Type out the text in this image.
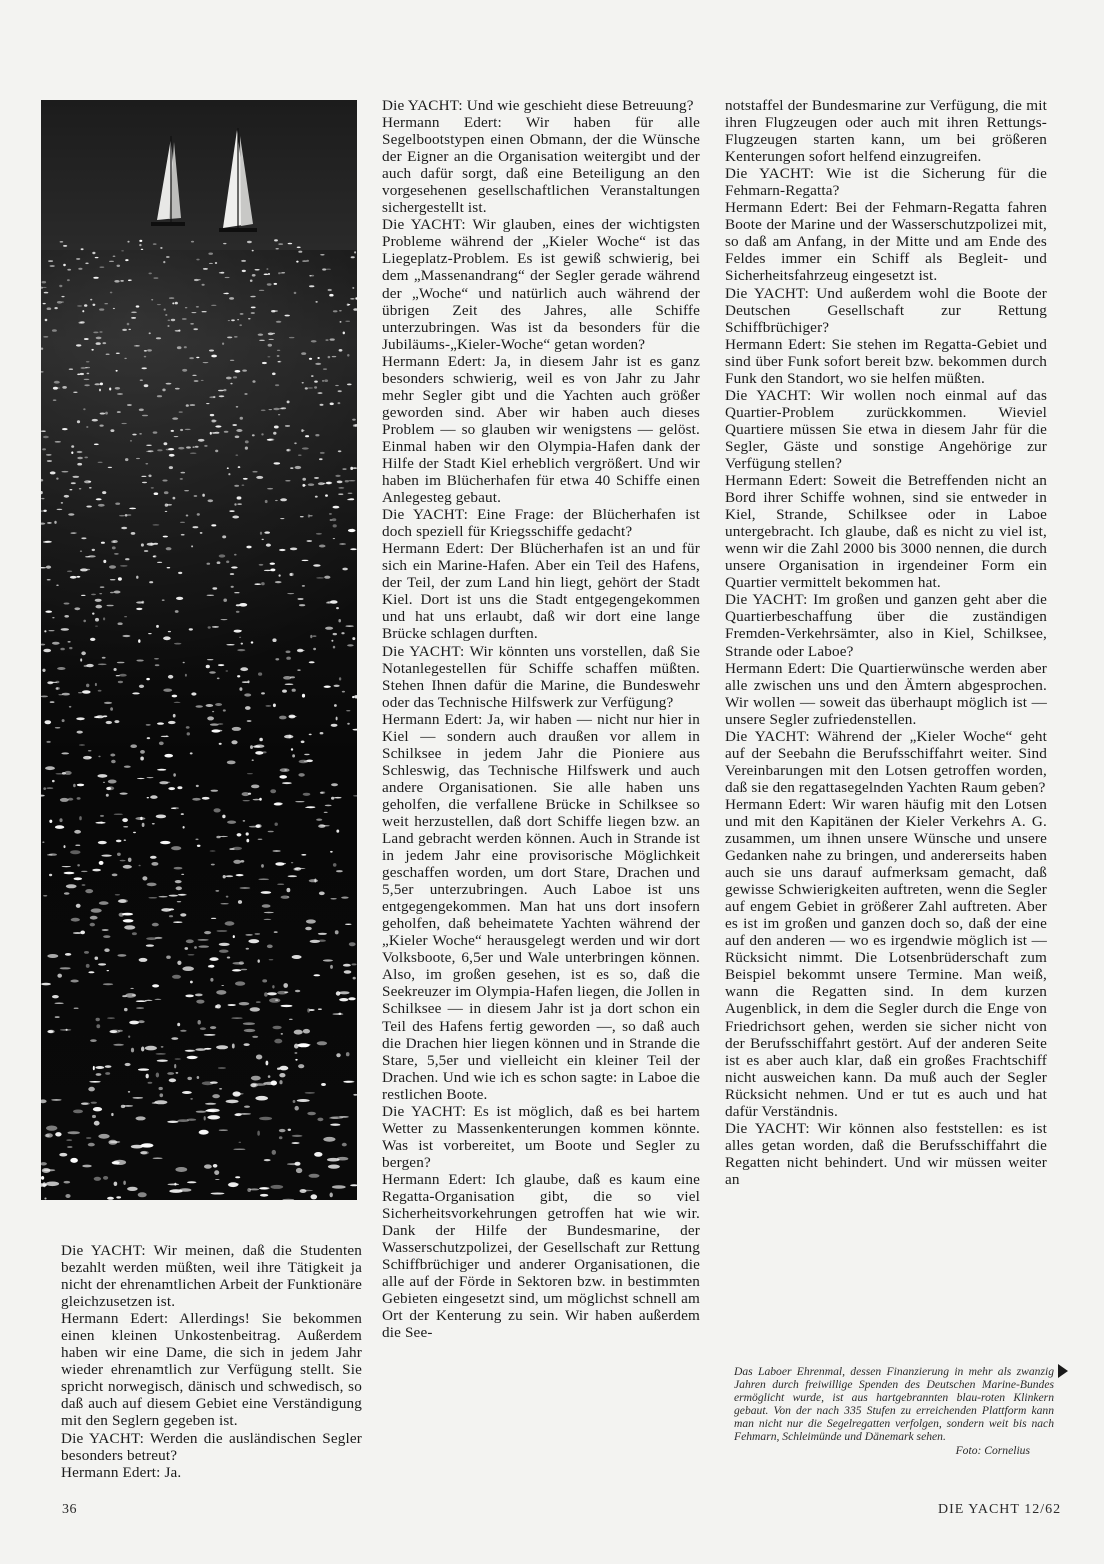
Die YACHT: Wir meinen, daß die Studenten bezahlt werden müßten, weil ihre Tätigkeit ja nicht der ehrenamtlichen Arbeit der Funktionäre gleichzusetzen ist.

Hermann Edert: Allerdings! Sie bekommen einen kleinen Unkostenbeitrag. Außerdem haben wir eine Dame, die sich in jedem Jahr wieder ehrenamtlich zur Verfügung stellt. Sie spricht norwegisch, dänisch und schwedisch, so daß auch auf diesem Gebiet eine Verständigung mit den Seglern gegeben ist.

Die YACHT: Werden die ausländischen Segler besonders betreut?

Hermann Edert: Ja.

Die YACHT: Und wie geschieht diese Betreuung?

Hermann Edert: Wir haben für alle Segelbootstypen einen Obmann, der die Wünsche der Eigner an die Organisation weitergibt und der auch dafür sorgt, daß eine Beteiligung an den vorgesehenen gesellschaftlichen Veranstaltungen sichergestellt ist.

Die YACHT: Wir glauben, eines der wichtigsten Probleme während der „Kieler Woche“ ist das Liegeplatz-Problem. Es ist gewiß schwierig, bei dem „Massenandrang“ der Segler gerade während der „Woche“ und natürlich auch während der übrigen Zeit des Jahres, alle Schiffe unterzubringen. Was ist da besonders für die Jubiläums-„Kieler-Woche“ getan worden?

Hermann Edert: Ja, in diesem Jahr ist es ganz besonders schwierig, weil es von Jahr zu Jahr mehr Segler gibt und die Yachten auch größer geworden sind. Aber wir haben auch dieses Problem — so glauben wir wenigstens — gelöst. Einmal haben wir den Olympia-Hafen dank der Hilfe der Stadt Kiel erheblich vergrößert. Und wir haben im Blücherhafen für etwa 40 Schiffe einen Anlegesteg gebaut.

Die YACHT: Eine Frage: der Blücherhafen ist doch speziell für Kriegsschiffe gedacht?

Hermann Edert: Der Blücherhafen ist an und für sich ein Marine-Hafen. Aber ein Teil des Hafens, der Teil, der zum Land hin liegt, gehört der Stadt Kiel. Dort ist uns die Stadt entgegengekommen und hat uns erlaubt, daß wir dort eine lange Brücke schlagen durften.

Die YACHT: Wir könnten uns vorstellen, daß Sie Notanlegestellen für Schiffe schaffen müßten. Stehen Ihnen dafür die Marine, die Bundeswehr oder das Technische Hilfswerk zur Verfügung?

Hermann Edert: Ja, wir haben — nicht nur hier in Kiel — sondern auch draußen vor allem in Schilksee in jedem Jahr die Pioniere aus Schleswig, das Technische Hilfswerk und auch andere Organisationen. Sie alle haben uns geholfen, die verfallene Brücke in Schilksee so weit herzustellen, daß dort Schiffe liegen bzw. an Land gebracht werden können. Auch in Strande ist in jedem Jahr eine provisorische Möglichkeit geschaffen worden, um dort Stare, Drachen und 5,5er unterzubringen. Auch Laboe ist uns entgegengekommen. Man hat uns dort insofern geholfen, daß beheimatete Yachten während der „Kieler Woche“ herausgelegt werden und wir dort Volksboote, 6,5er und Wale unterbringen können. Also, im großen gesehen, ist es so, daß die Seekreuzer im Olympia-Hafen liegen, die Jollen in Schilksee — in diesem Jahr ist ja dort schon ein Teil des Hafens fertig geworden —, so daß auch die Drachen hier liegen können und in Strande die Stare, 5,5er und vielleicht ein kleiner Teil der Drachen. Und wie ich es schon sagte: in Laboe die restlichen Boote.

Die YACHT: Es ist möglich, daß es bei hartem Wetter zu Massenkenterungen kommen könnte. Was ist vorbereitet, um Boote und Segler zu bergen?

Hermann Edert: Ich glaube, daß es kaum eine Regatta-Organisation gibt, die so viel Sicherheitsvorkehrungen getroffen hat wie wir. Dank der Hilfe der Bundesmarine, der Wasserschutzpolizei, der Gesellschaft zur Rettung Schiffbrüchiger und anderer Organisationen, die alle auf der Förde in Sektoren bzw. in bestimmten Gebieten eingesetzt sind, um möglichst schnell am Ort der Kenterung zu sein. Wir haben außerdem die See-

notstaffel der Bundesmarine zur Verfügung, die mit ihren Flugzeugen oder auch mit ihren Rettungs-Flugzeugen starten kann, um bei größeren Kenterungen sofort helfend einzugreifen.

Die YACHT: Wie ist die Sicherung für die Fehmarn-Regatta?

Hermann Edert: Bei der Fehmarn-Regatta fahren Boote der Marine und der Wasserschutzpolizei mit, so daß am Anfang, in der Mitte und am Ende des Feldes immer ein Schiff als Begleit- und Sicherheitsfahrzeug eingesetzt ist.

Die YACHT: Und außerdem wohl die Boote der Deutschen Gesellschaft zur Rettung Schiffbrüchiger?

Hermann Edert: Sie stehen im Regatta-Gebiet und sind über Funk sofort bereit bzw. bekommen durch Funk den Standort, wo sie helfen müßten.

Die YACHT: Wir wollen noch einmal auf das Quartier-Problem zurückkommen. Wieviel Quartiere müssen Sie etwa in diesem Jahr für die Segler, Gäste und sonstige Angehörige zur Verfügung stellen?

Hermann Edert: Soweit die Betreffenden nicht an Bord ihrer Schiffe wohnen, sind sie entweder in Kiel, Strande, Schilksee oder in Laboe untergebracht. Ich glaube, daß es nicht zu viel ist, wenn wir die Zahl 2000 bis 3000 nennen, die durch unsere Organisation in irgendeiner Form ein Quartier vermittelt bekommen hat.

Die YACHT: Im großen und ganzen geht aber die Quartierbeschaffung über die zuständigen Fremden-Verkehrsämter, also in Kiel, Schilksee, Strande oder Laboe?

Hermann Edert: Die Quartierwünsche werden aber alle zwischen uns und den Ämtern abgesprochen. Wir wollen — soweit das überhaupt möglich ist — unsere Segler zufriedenstellen.

Die YACHT: Während der „Kieler Woche“ geht auf der Seebahn die Berufsschiffahrt weiter. Sind Vereinbarungen mit den Lotsen getroffen worden, daß sie den regattasegelnden Yachten Raum geben?

Hermann Edert: Wir waren häufig mit den Lotsen und mit den Kapitänen der Kieler Verkehrs A. G. zusammen, um ihnen unsere Wünsche und unsere Gedanken nahe zu bringen, und andererseits haben auch sie uns darauf aufmerksam gemacht, daß gewisse Schwierigkeiten auftreten, wenn die Segler auf engem Gebiet in größerer Zahl auftreten. Aber es ist im großen und ganzen doch so, daß der eine auf den anderen — wo es irgendwie möglich ist — Rücksicht nimmt. Die Lotsenbrüderschaft zum Beispiel bekommt unsere Termine. Man weiß, wann die Regatten sind. In dem kurzen Augenblick, in dem die Segler durch die Enge von Friedrichsort gehen, werden sie sicher nicht von der Berufsschiffahrt gestört. Auf der anderen Seite ist es aber auch klar, daß ein großes Frachtschiff nicht ausweichen kann. Da muß auch der Segler Rücksicht nehmen. Und er tut es auch und hat dafür Verständnis.

Die YACHT: Wir können also feststellen: es ist alles getan worden, daß die Berufsschiffahrt die Regatten nicht behindert. Und wir müssen weiter an

Das Laboer Ehrenmal, dessen Finanzierung in mehr als zwanzig Jahren durch freiwillige Spenden des Deutschen Marine-Bundes ermöglicht wurde, ist aus hartgebrannten blau-roten Klinkern gebaut. Von der nach 335 Stufen zu erreichenden Plattform kann man nicht nur die Segelregatten verfolgen, sondern weit bis nach Fehmarn, Schleimünde und Dänemark sehen.
Foto: Cornelius
36	DIE YACHT 12/62
